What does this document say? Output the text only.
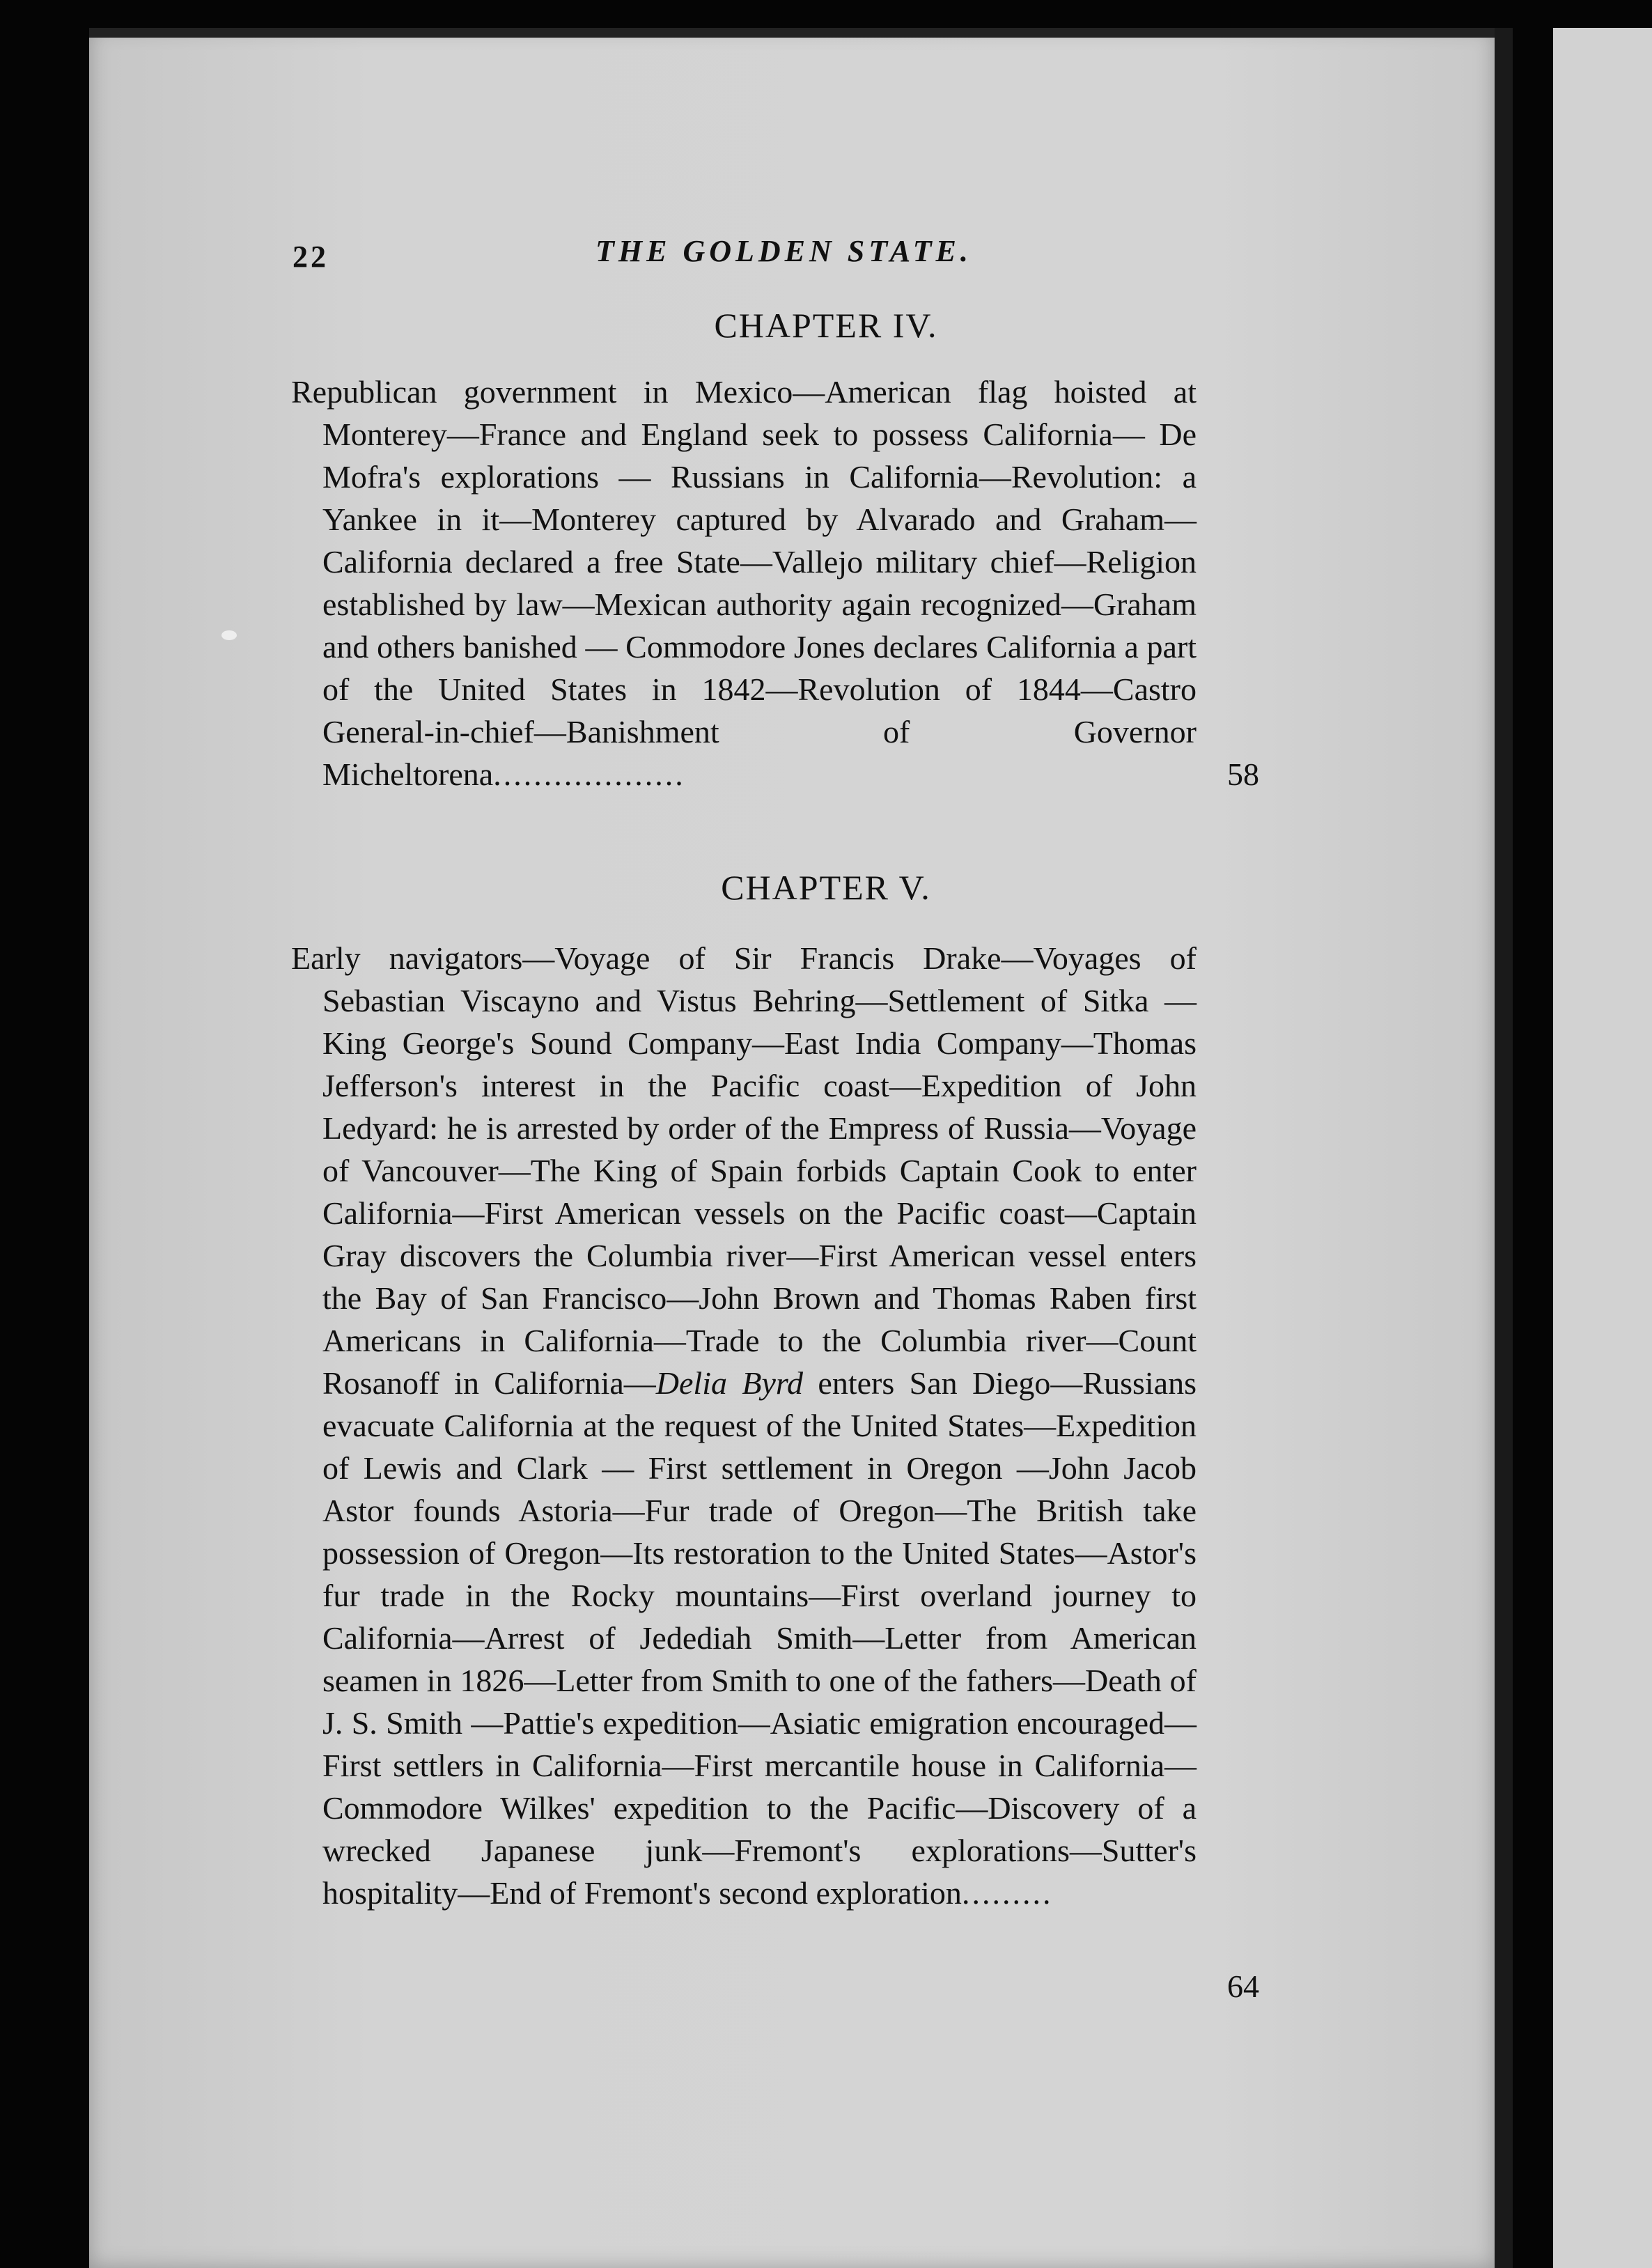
22	THE GOLDEN STATE.
CHAPTER IV.

Republican government in Mexico—American flag hoisted at Monterey—France and England seek to possess California— De Mofra's explorations — Russians in California—Revolution: a Yankee in it—Monterey captured by Alvarado and Graham—California declared a free State—Vallejo military chief—Religion established by law—Mexican authority again recognized—Graham and others banished — Commodore Jones declares California a part of the United States in 1842—Revolution of 1844—Castro General-in-chief—Banishment of Governor Micheltorena...................	58
CHAPTER V.

Early navigators—Voyage of Sir Francis Drake—Voyages of Sebastian Viscayno and Vistus Behring—Settlement of Sitka —King George's Sound Company—East India Company—Thomas Jefferson's interest in the Pacific coast—Expedition of John Ledyard: he is arrested by order of the Empress of Russia—Voyage of Vancouver—The King of Spain forbids Captain Cook to enter California—First American vessels on the Pacific coast—Captain Gray discovers the Columbia river—First American vessel enters the Bay of San Francisco—John Brown and Thomas Raben first Americans in California—Trade to the Columbia river—Count Rosanoff in California—Delia Byrd enters San Diego—Russians evacuate California at the request of the United States—Expedition of Lewis and Clark — First settlement in Oregon —John Jacob Astor founds Astoria—Fur trade of Oregon—The British take possession of Oregon—Its restoration to the United States—Astor's fur trade in the Rocky mountains—First overland journey to California—Arrest of Jedediah Smith—Letter from American seamen in 1826—Letter from Smith to one of the fathers—Death of J. S. Smith —Pattie's expedition—Asiatic emigration encouraged—First settlers in California—First mercantile house in California—Commodore Wilkes' expedition to the Pacific—Discovery of a wrecked Japanese junk—Fremont's explorations—Sutter's hospitality—End of Fremont's second exploration.........

64
